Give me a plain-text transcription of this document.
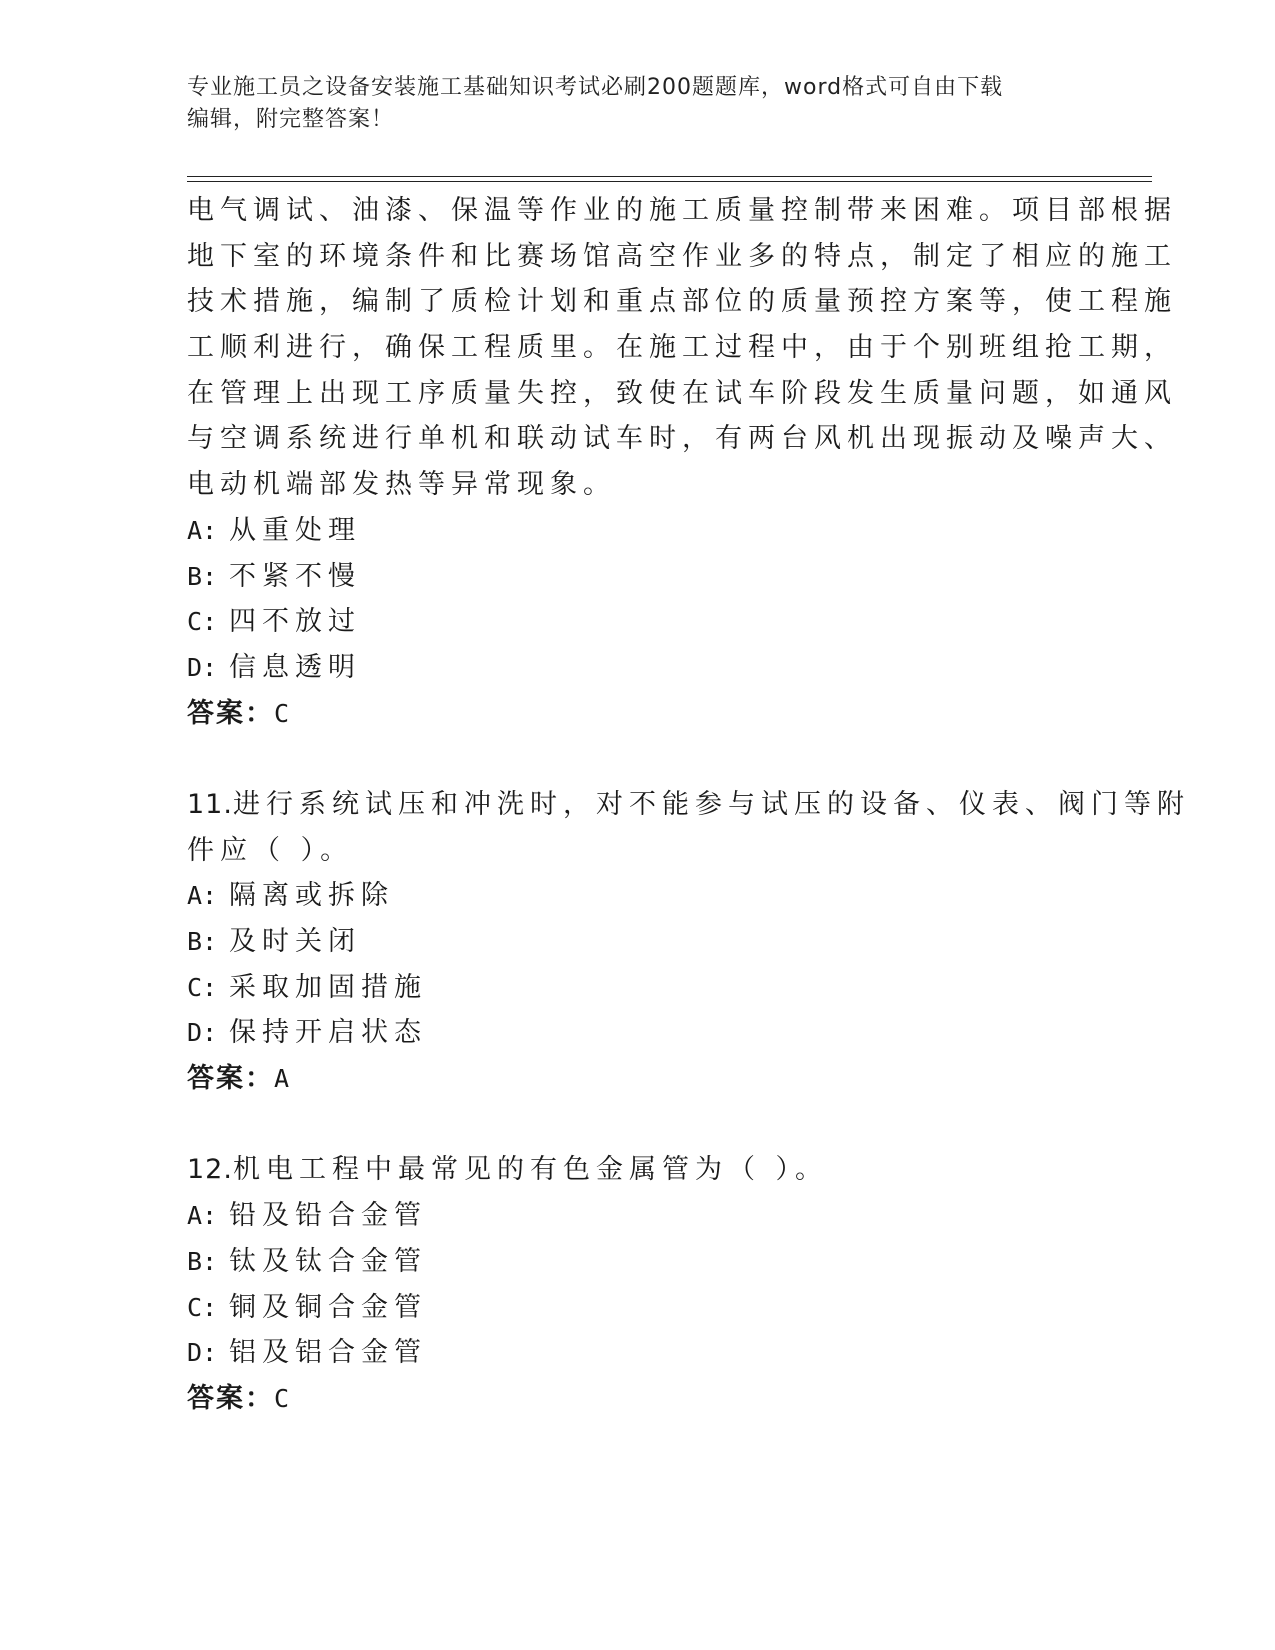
专业施工员之设备安装施工基础知识考试必刷200题题库，word格式可自由下载
编辑，附完整答案！
电气调试、油漆、保温等作业的施工质量控制带来困难。项目部根据
地下室的环境条件和比赛场馆高空作业多的特点，制定了相应的施工
技术措施，编制了质检计划和重点部位的质量预控方案等，使工程施
工顺利进行，确保工程质里。在施工过程中，由于个别班组抢工期，
在管理上出现工序质量失控，致使在试车阶段发生质量问题，如通风
与空调系统进行单机和联动试车时，有两台风机出现振动及噪声大、
电动机端部发热等异常现象。
A: 从重处理
B: 不紧不慢
C: 四不放过
D: 信息透明
答案：C
11.进行系统试压和冲洗时，对不能参与试压的设备、仪表、阀门等附
件应（ ）。
A: 隔离或拆除
B: 及时关闭
C: 采取加固措施
D: 保持开启状态
答案：A
12.机电工程中最常见的有色金属管为（ ）。
A: 铅及铅合金管
B: 钛及钛合金管
C: 铜及铜合金管
D: 铝及铝合金管
答案：C
